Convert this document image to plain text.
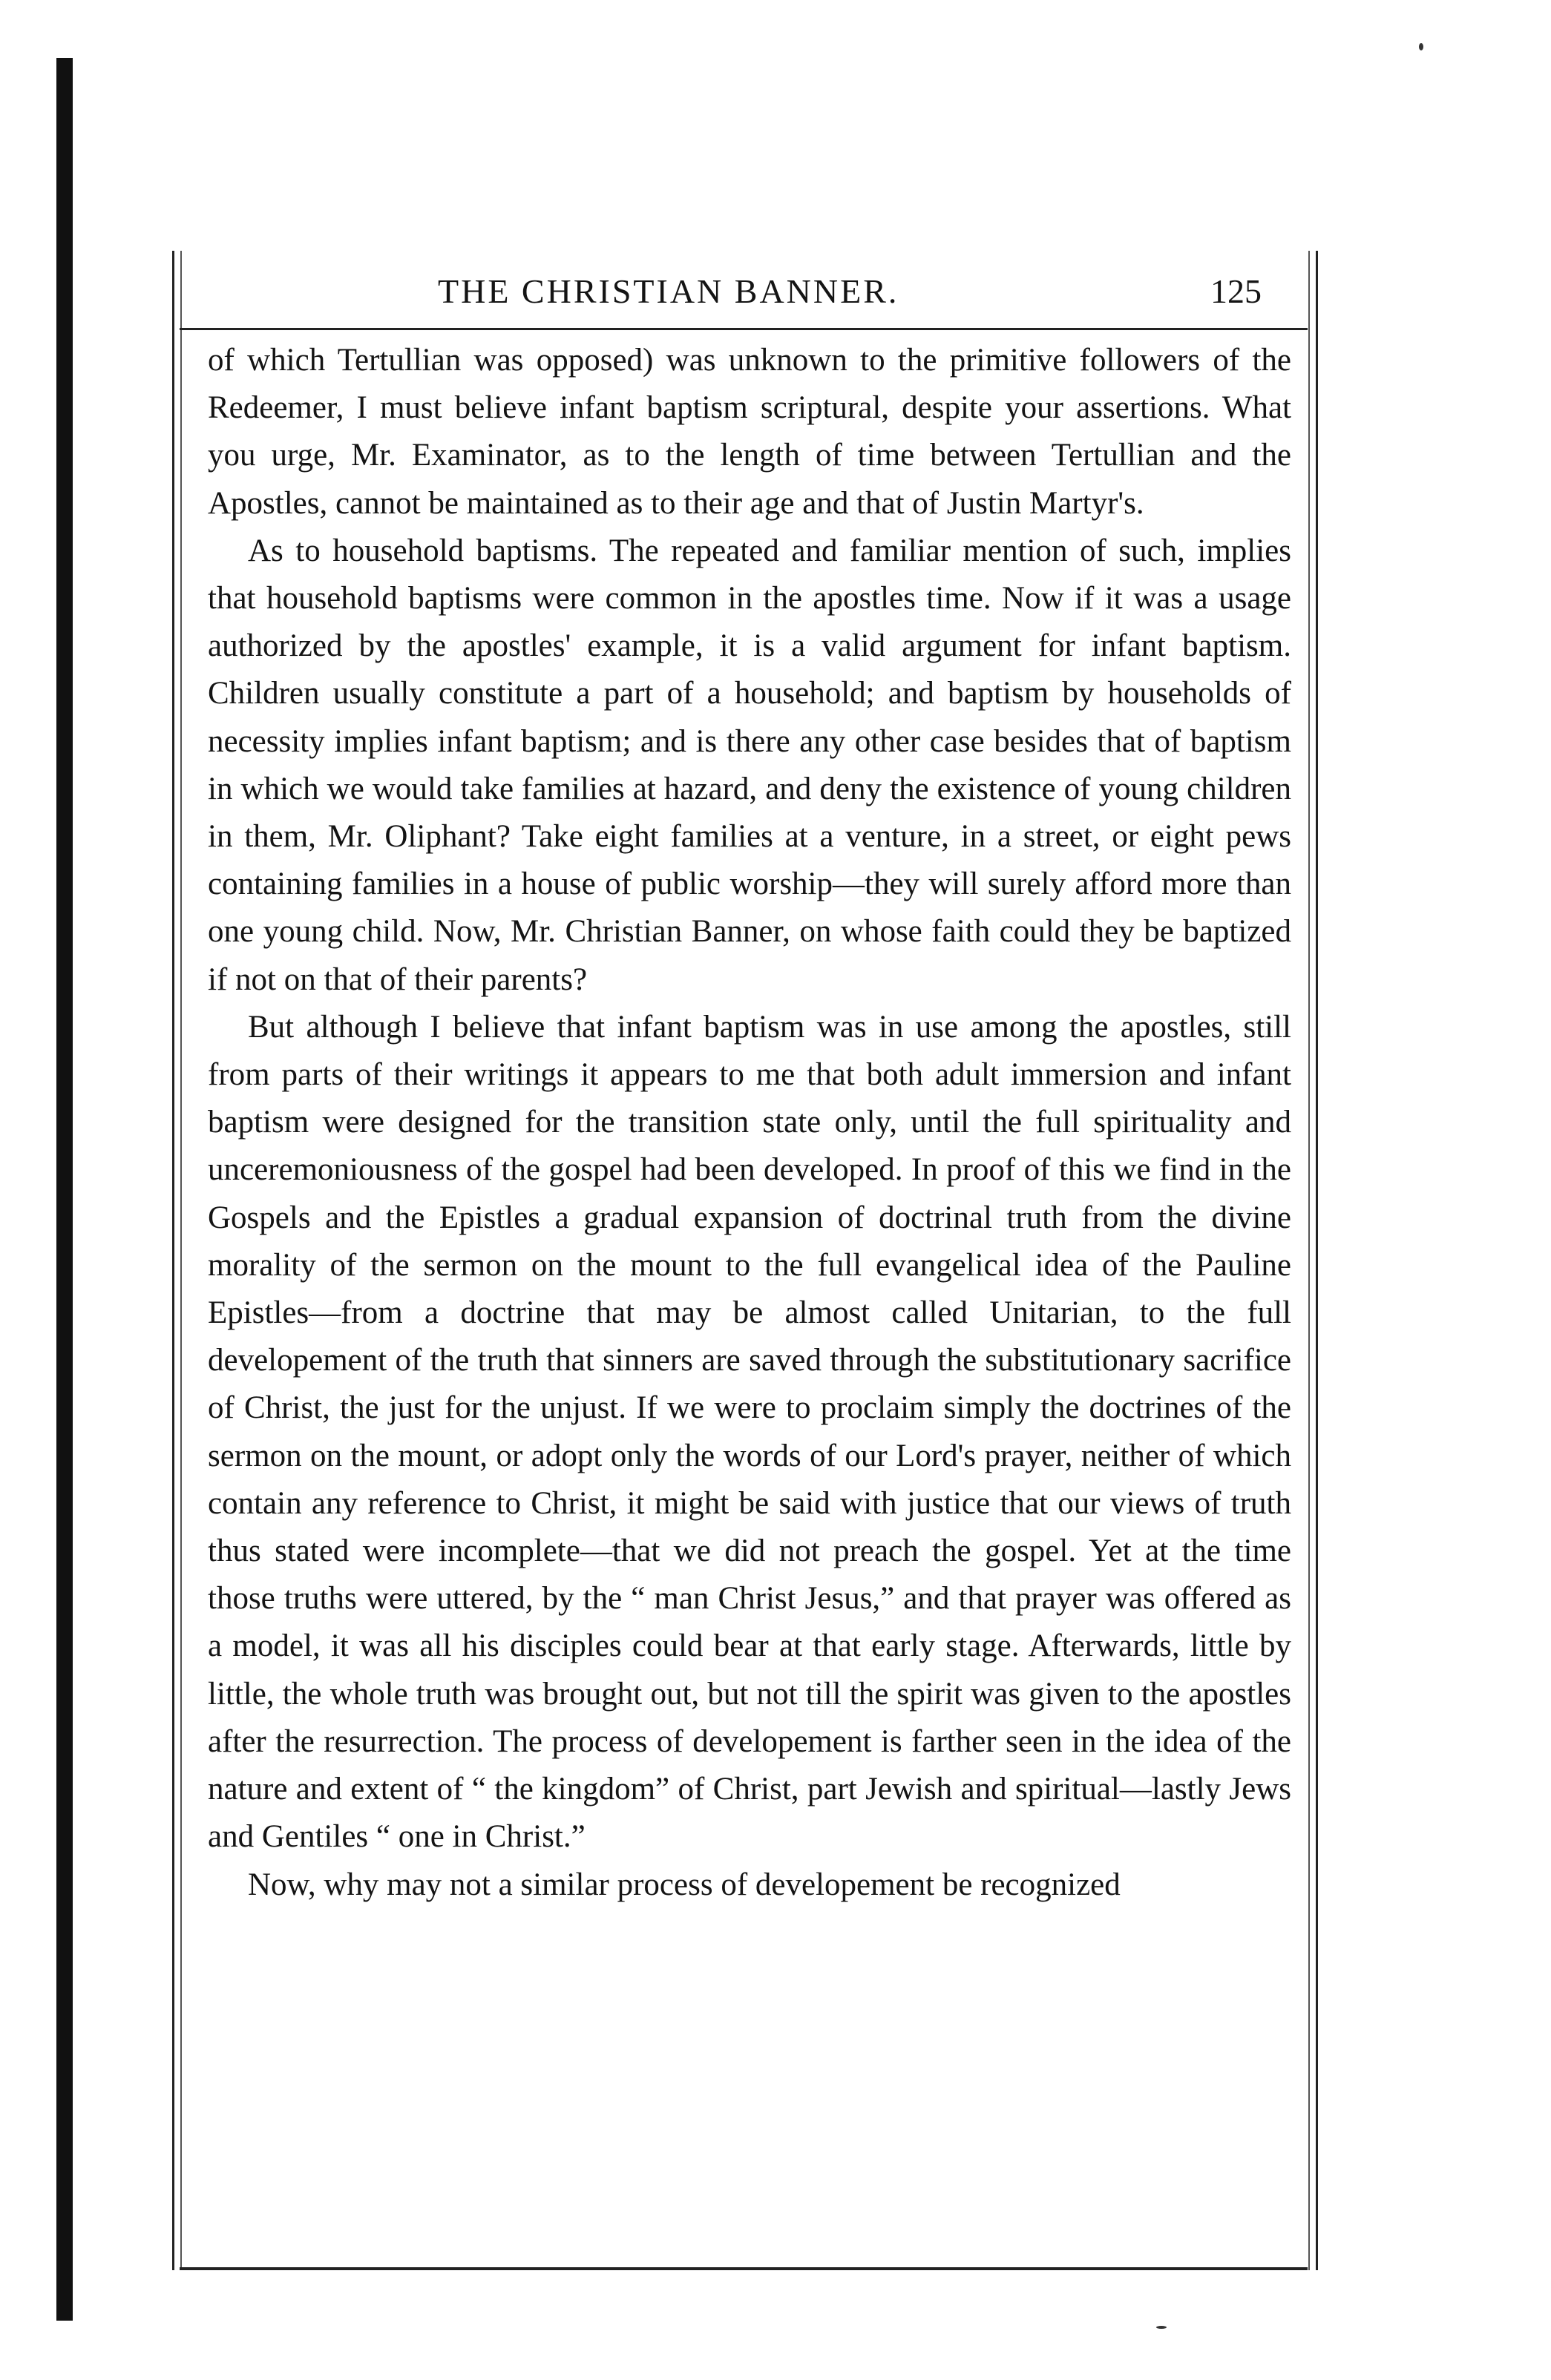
THE CHRISTIAN BANNER.	125

of which Tertullian was opposed) was unknown to the primitive followers of the Redeemer, I must believe infant baptism scriptural, despite your assertions. What you urge, Mr. Examinator, as to the length of time between Tertullian and the Apostles, cannot be maintained as to their age and that of Justin Martyr's.

As to household baptisms. The repeated and familiar mention of such, implies that household baptisms were common in the apostles time. Now if it was a usage authorized by the apostles' example, it is a valid argument for infant baptism. Children usually constitute a part of a household; and baptism by households of necessity implies infant baptism; and is there any other case besides that of baptism in which we would take families at hazard, and deny the existence of young children in them, Mr. Oliphant? Take eight families at a venture, in a street, or eight pews containing families in a house of public worship—they will surely afford more than one young child. Now, Mr. Christian Banner, on whose faith could they be baptized if not on that of their parents?

But although I believe that infant baptism was in use among the apostles, still from parts of their writings it appears to me that both adult immersion and infant baptism were designed for the transition state only, until the full spirituality and unceremoniousness of the gospel had been developed. In proof of this we find in the Gospels and the Epistles a gradual expansion of doctrinal truth from the divine morality of the sermon on the mount to the full evangelical idea of the Pauline Epistles—from a doctrine that may be almost called Unitarian, to the full developement of the truth that sinners are saved through the substitutionary sacrifice of Christ, the just for the unjust. If we were to proclaim simply the doctrines of the sermon on the mount, or adopt only the words of our Lord's prayer, neither of which contain any reference to Christ, it might be said with justice that our views of truth thus stated were incomplete—that we did not preach the gospel. Yet at the time those truths were uttered, by the “ man Christ Jesus,” and that prayer was offered as a model, it was all his disciples could bear at that early stage. Afterwards, little by little, the whole truth was brought out, but not till the spirit was given to the apostles after the resurrection. The process of developement is farther seen in the idea of the nature and extent of “ the kingdom” of Christ, part Jewish and spiritual—lastly Jews and Gentiles “ one in Christ.”

Now, why may not a similar process of developement be recognized
